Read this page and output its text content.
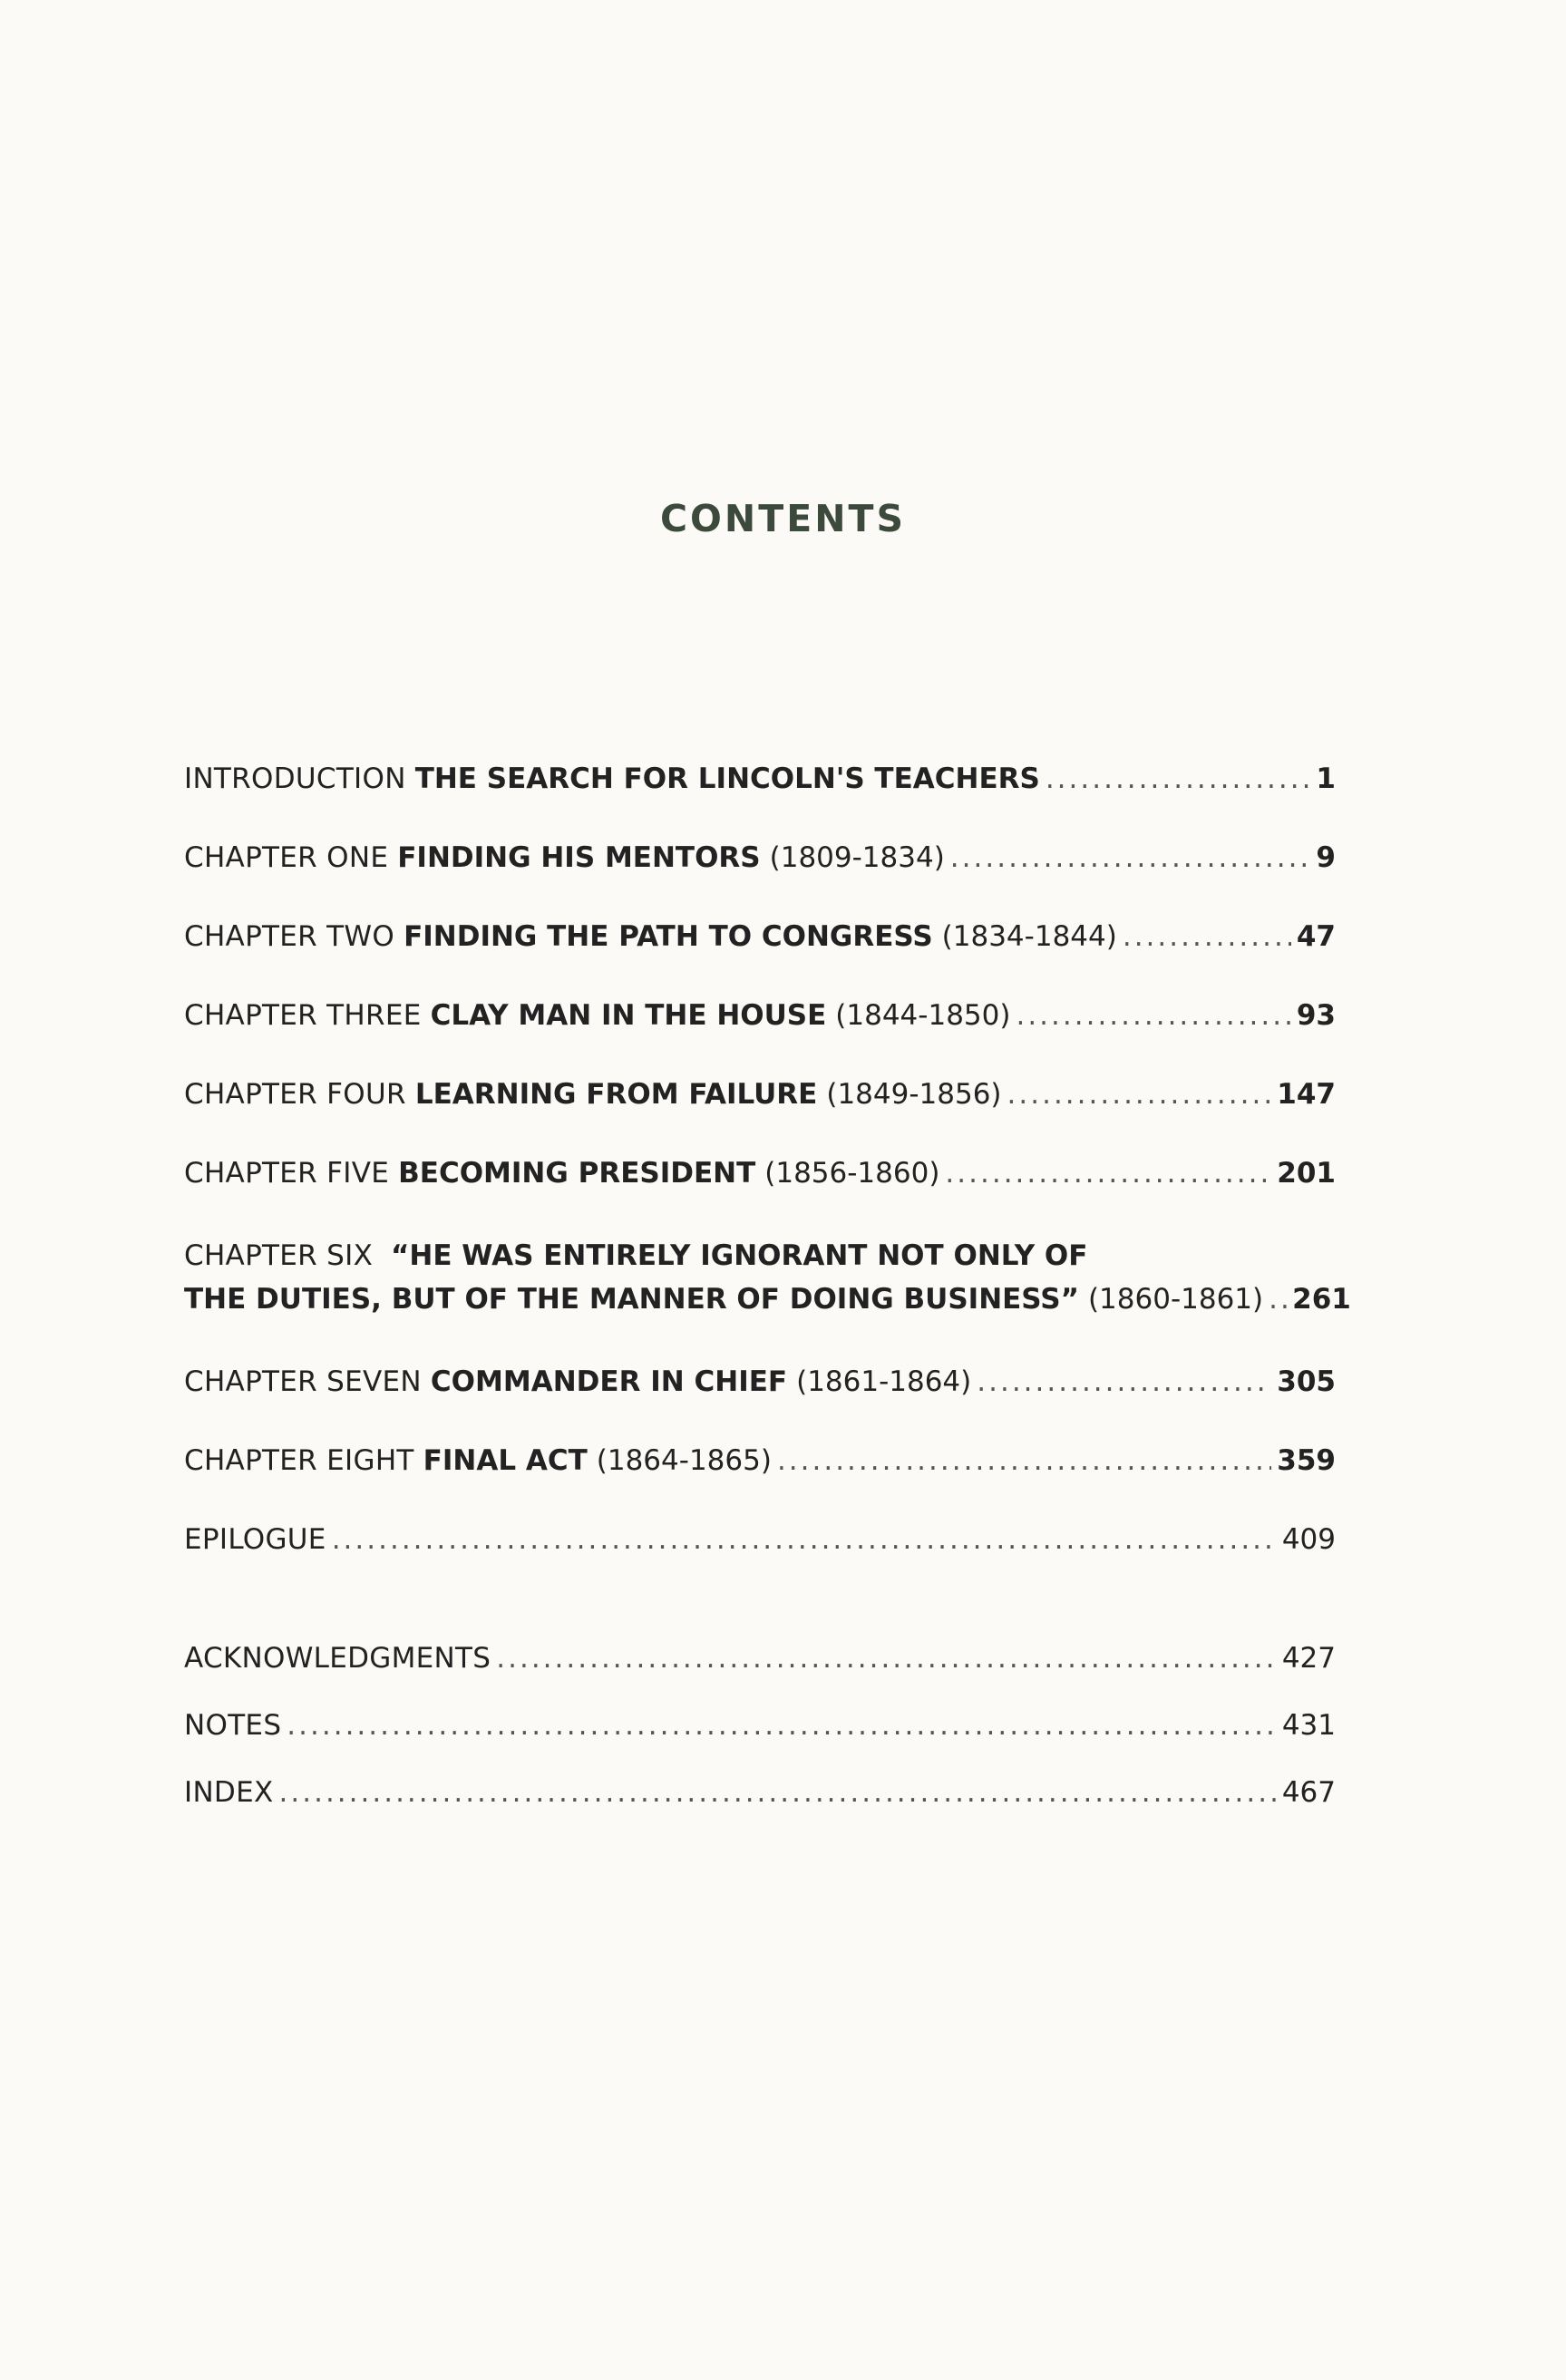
CONTENTS
INTRODUCTION THE SEARCH FOR LINCOLN'S TEACHERS .....	1
CHAPTER ONE FINDING HIS MENTORS (1809-1834) .....	9
CHAPTER TWO FINDING THE PATH TO CONGRESS (1834-1844) .....	47
CHAPTER THREE CLAY MAN IN THE HOUSE (1844-1850) .....	93
CHAPTER FOUR LEARNING FROM FAILURE (1849-1856) .....	147
CHAPTER FIVE BECOMING PRESIDENT (1856-1860) .....	201
CHAPTER SIX “HE WAS ENTIRELY IGNORANT NOT ONLY OF
THE DUTIES, BUT OF THE MANNER OF DOING BUSINESS” (1860-1861) ..... 261
CHAPTER SEVEN COMMANDER IN CHIEF (1861-1864) .....	305
CHAPTER EIGHT FINAL ACT (1864-1865) .....	359
EPILOGUE .....	409
ACKNOWLEDGMENTS .....	427
NOTES .....	431
INDEX .....	467
